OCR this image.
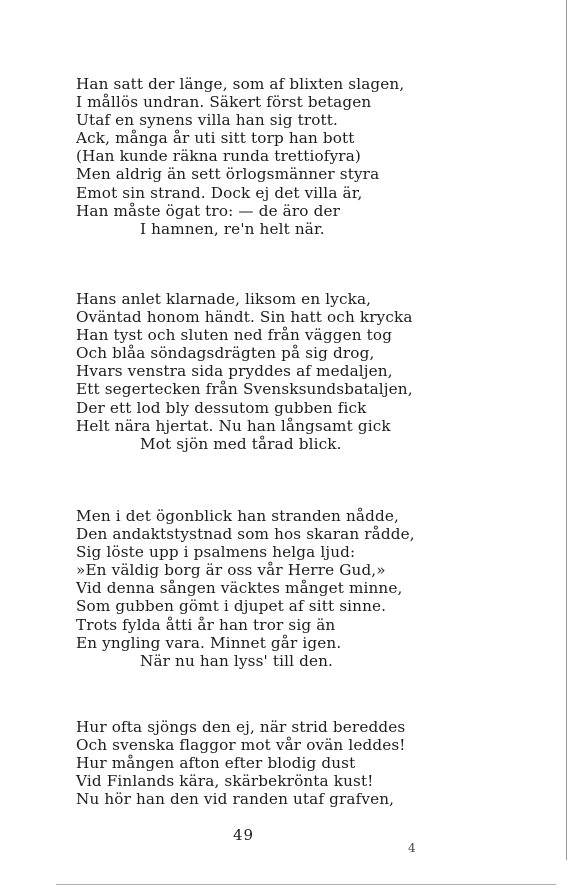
Han satt der länge, som af blixten slagen,
I mållös undran. Säkert först betagen
Utaf en synens villa han sig trott.
Ack, många år uti sitt torp han bott
(Han kunde räkna runda trettiofyra)
Men aldrig än sett örlogsmänner styra
Emot sin strand. Dock ej det villa är,
Han måste ögat tro: — de äro der
I hamnen, re'n helt när.
Hans anlet klarnade, liksom en lycka,
Oväntad honom händt. Sin hatt och krycka
Han tyst och sluten ned från väggen tog
Och blåa söndagsdrägten på sig drog,
Hvars venstra sida pryddes af medaljen,
Ett segertecken från Svensksundsbataljen,
Der ett lod bly dessutom gubben fick
Helt nära hjertat. Nu han långsamt gick
Mot sjön med tårad blick.
Men i det ögonblick han stranden nådde,
Den andaktstystnad som hos skaran rådde,
Sig löste upp i psalmens helga ljud:
»En väldig borg är oss vår Herre Gud,»
Vid denna sången väcktes månget minne,
Som gubben gömt i djupet af sitt sinne.
Trots fylda åtti år han tror sig än
En yngling vara. Minnet går igen.
När nu han lyss' till den.
Hur ofta sjöngs den ej, när strid bereddes
Och svenska flaggor mot vår ovän leddes!
Hur mången afton efter blodig dust
Vid Finlands kära, skärbekrönta kust!
Nu hör han den vid randen utaf grafven,
49
4
